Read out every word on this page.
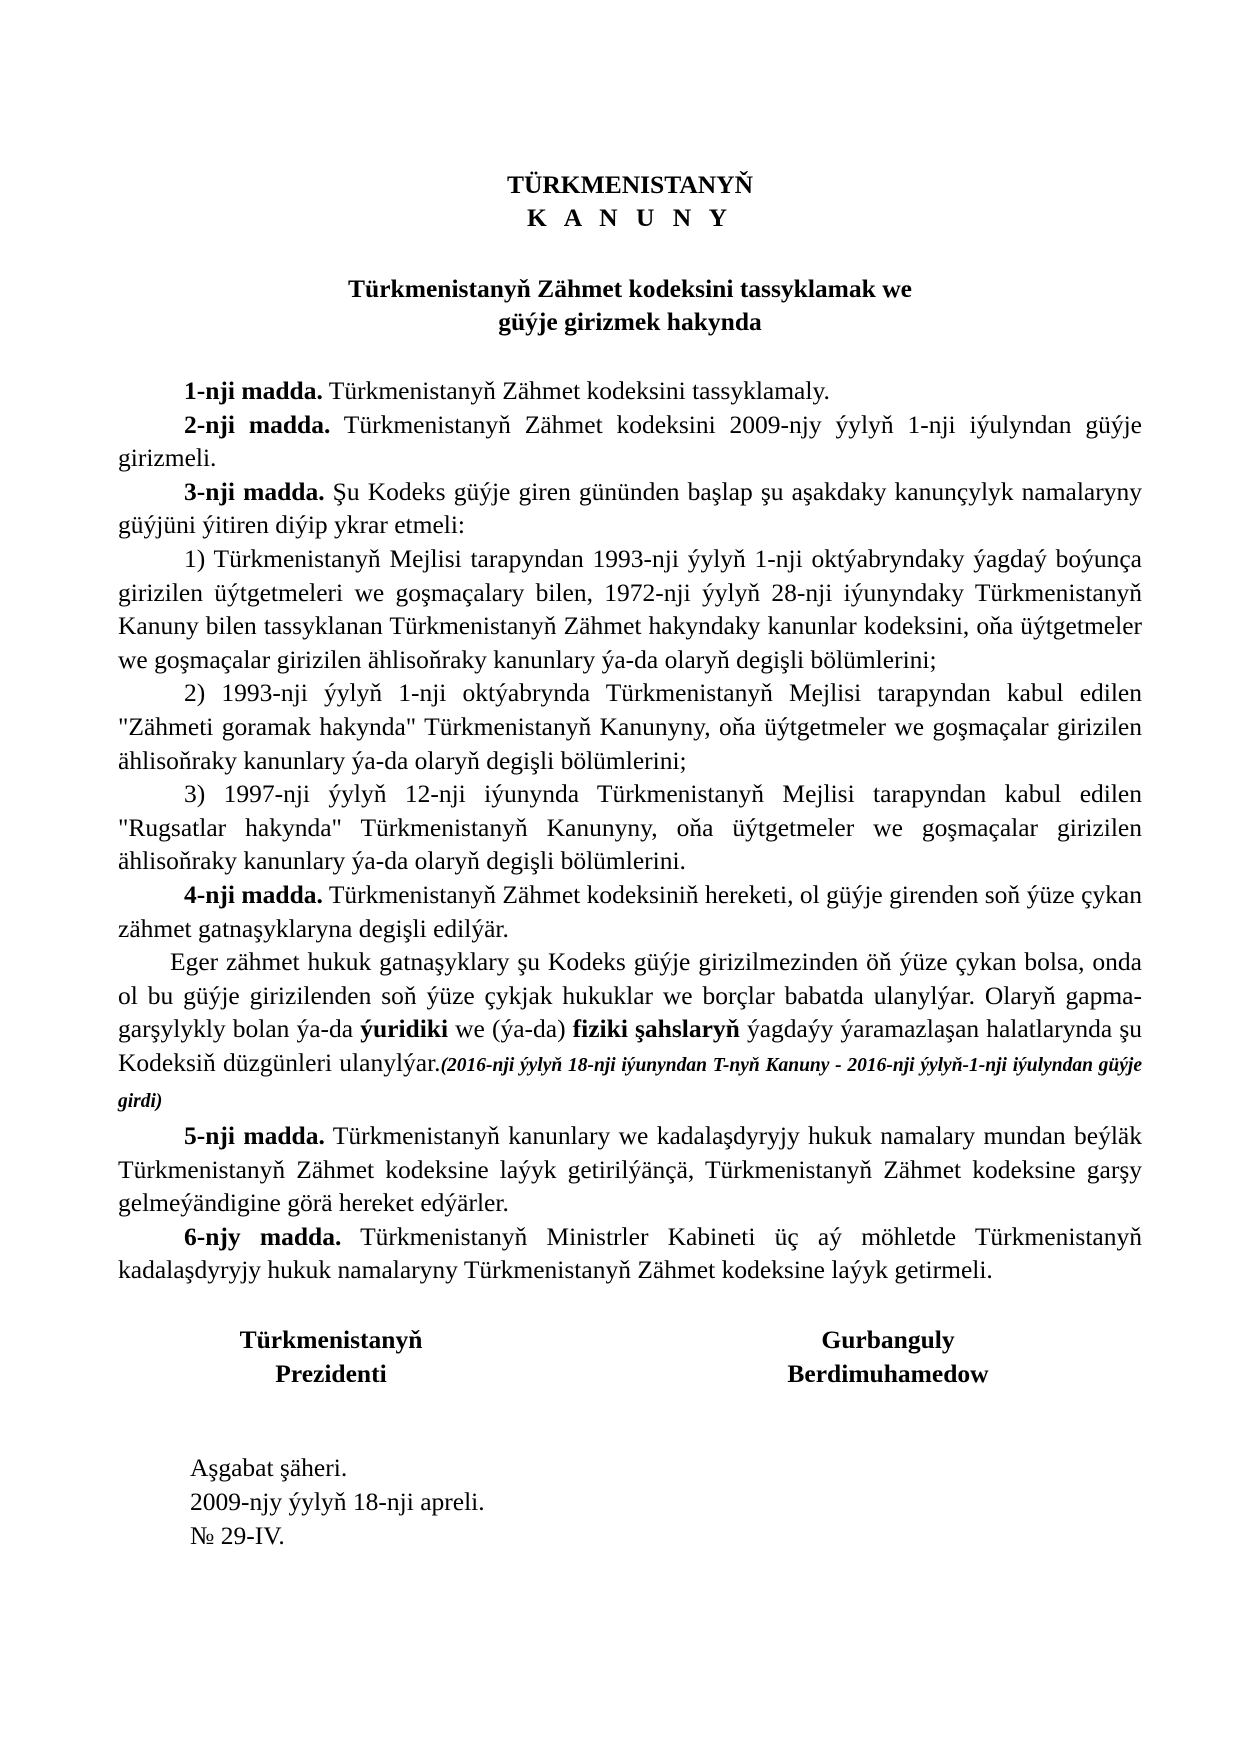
TÜRKMENISTANYŇ
K A N U N Y
Türkmenistanyň Zähmet kodeksini tassyklamak we
güýje girizmek hakynda

1-nji madda. Türkmenistanyň Zähmet kodeksini tassyklamaly.

2-nji madda. Türkmenistanyň Zähmet kodeksini 2009-njy ýylyň 1-nji iýulyndan güýje girizmeli.

3-nji madda. Şu Kodeks güýje giren gününden başlap şu aşakdaky kanunçylyk namalaryny güýjüni ýitiren diýip ykrar etmeli:

1) Türkmenistanyň Mejlisi tarapyndan 1993-nji ýylyň 1-nji oktýabryndaky ýagdaý boýunça girizilen üýtgetmeleri we goşmaçalary bilen, 1972-nji ýylyň 28-nji iýunyndaky Türkmenistanyň Kanuny bilen tassyklanan Türkmenistanyň Zähmet hakyndaky kanunlar kodeksini, oňa üýtgetmeler we goşmaçalar girizilen ählisoňraky kanunlary ýa-da olaryň degişli bölümlerini;

2) 1993-nji ýylyň 1-nji oktýabrynda Türkmenistanyň Mejlisi tarapyndan kabul edilen "Zähmeti goramak hakynda" Türkmenistanyň Kanunyny, oňa üýtgetmeler we goşmaçalar girizilen ählisoňraky kanunlary ýa-da olaryň degişli bölümlerini;

3) 1997-nji ýylyň 12-nji iýunynda Türkmenistanyň Mejlisi tarapyndan kabul edilen "Rugsatlar hakynda" Türkmenistanyň Kanunyny, oňa üýtgetmeler we goşmaçalar girizilen ählisoňraky kanunlary ýa-da olaryň degişli bölümlerini.

4-nji madda. Türkmenistanyň Zähmet kodeksiniň hereketi, ol güýje girenden soň ýüze çykan zähmet gatnaşyklaryna degişli edilýär.

Eger zähmet hukuk gatnaşyklary şu Kodeks güýje girizilmezinden öň ýüze çykan bolsa, onda ol bu güýje girizilenden soň ýüze çykjak hukuklar we borçlar babatda ulanylýar. Olaryň gapma-garşylykly bolan ýa-da ýuridiki we (ýa-da) fiziki şahslaryň ýagdaýy ýaramazlaşan halatlarynda şu Kodeksiň düzgünleri ulanylýar.(2016-nji ýylyň 18-nji iýunyndan T-nyň Kanuny - 2016-nji ýylyň-1-nji iýulyndan güýje girdi)

5-nji madda. Türkmenistanyň kanunlary we kadalaşdyryjy hukuk namalary mundan beýläk Türkmenistanyň Zähmet kodeksine laýyk getirilýänçä, Türkmenistanyň Zähmet kodeksine garşy gelmeýändigine görä hereket edýärler.

6-njy madda. Türkmenistanyň Ministrler Kabineti üç aý möhletde Türkmenistanyň kadalaşdyryjy hukuk namalaryny Türkmenistanyň Zähmet kodeksine laýyk getirmeli.

Türkmenistanyň
Prezidenti
Gurbanguly
Berdimuhamedow
Aşgabat şäheri.
2009-njy ýylyň 18-nji apreli.
№ 29-IV.
